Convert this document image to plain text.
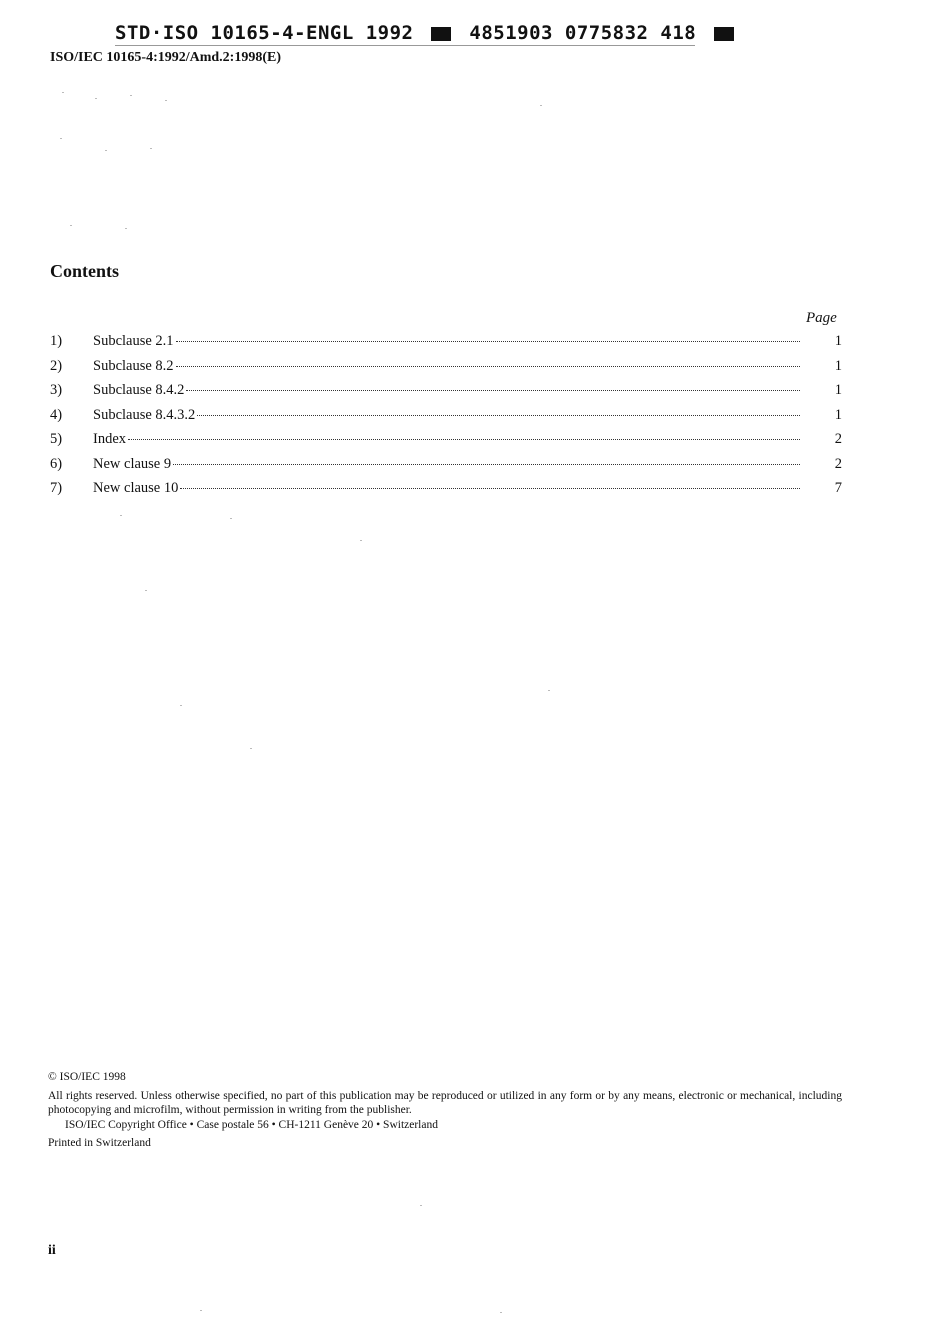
STD·ISO 10165-4-ENGL 1992	4851903 0775832 418
ISO/IEC 10165-4:1992/Amd.2:1998(E)
Contents
Page
1) Subclause 2.1	1
2) Subclause 8.2	1
3) Subclause 8.4.2	1
4) Subclause 8.4.3.2	1
5) Index	2
6) New clause 9	2
7) New clause 10	7

© ISO/IEC 1998

All rights reserved. Unless otherwise specified, no part of this publication may be reproduced or utilized in any form or by any means, electronic or mechanical, including photocopying and microfilm, without permission in writing from the publisher.

ISO/IEC Copyright Office • Case postale 56 • CH-1211 Genève 20 • Switzerland

Printed in Switzerland

ii
